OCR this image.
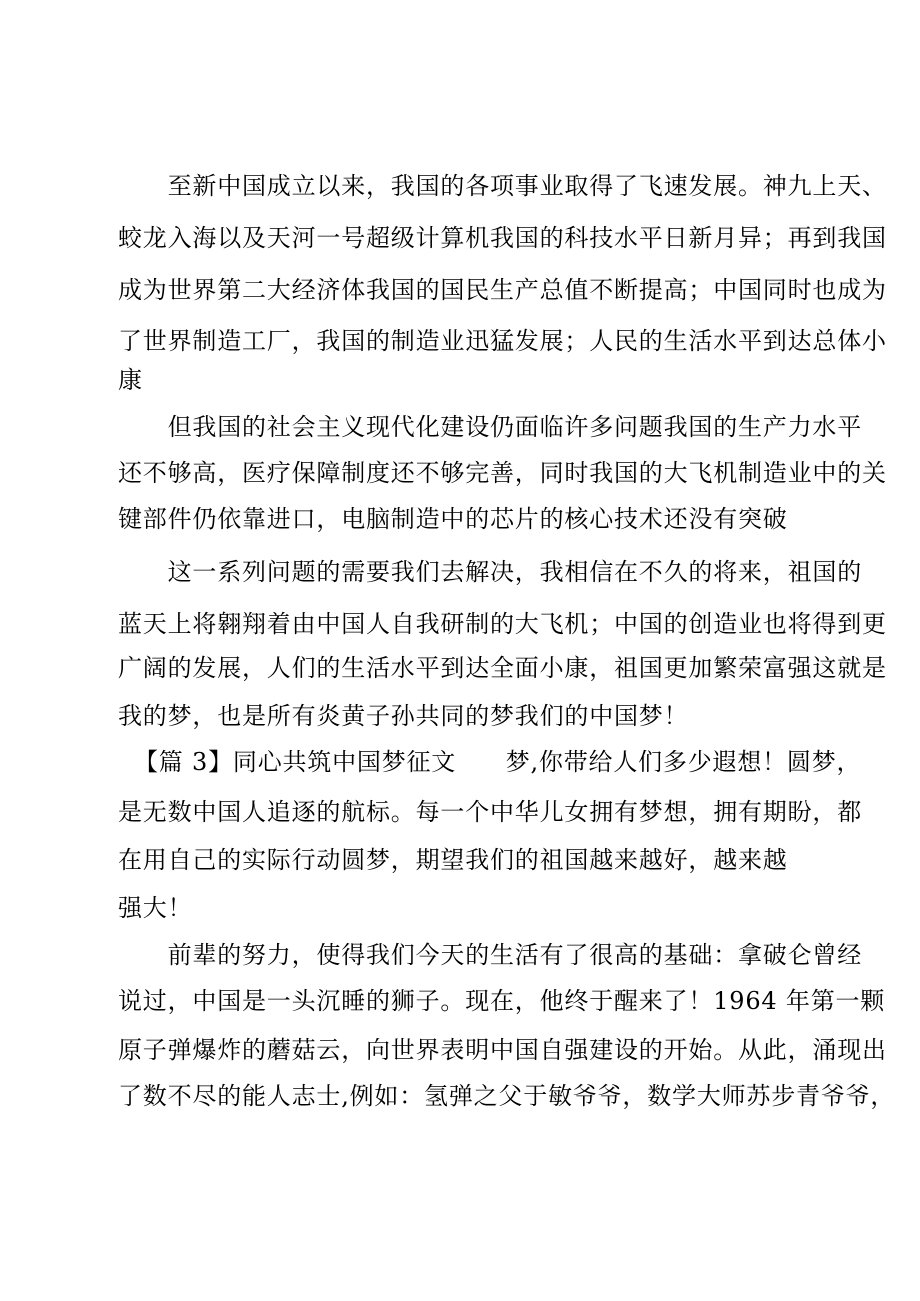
　　至新中国成立以来，我国的各项事业取得了飞速发展。神九上天、
蛟龙入海以及天河一号超级计算机我国的科技水平日新月异；再到我国
成为世界第二大经济体我国的国民生产总值不断提高；中国同时也成为
了世界制造工厂，我国的制造业迅猛发展；人民的生活水平到达总体小
康
　　但我国的社会主义现代化建设仍面临许多问题我国的生产力水平
还不够高，医疗保障制度还不够完善，同时我国的大飞机制造业中的关
键部件仍依靠进口，电脑制造中的芯片的核心技术还没有突破
　　这一系列问题的需要我们去解决，我相信在不久的将来，祖国的
蓝天上将翱翔着由中国人自我研制的大飞机；中国的创造业也将得到更
广阔的发展，人们的生活水平到达全面小康，祖国更加繁荣富强这就是
我的梦，也是所有炎黄子孙共同的梦我们的中国梦！
【篇 3】同心共筑中国梦征文　　梦,你带给人们多少遐想！圆梦，
是无数中国人追逐的航标。每一个中华儿女拥有梦想，拥有期盼，都
在用自己的实际行动圆梦，期望我们的祖国越来越好，越来越
强大！
　　前辈的努力，使得我们今天的生活有了很高的基础：拿破仑曾经
说过，中国是一头沉睡的狮子。现在，他终于醒来了！1964 年第一颗
原子弹爆炸的蘑菇云，向世界表明中国自强建设的开始。从此，涌现出
了数不尽的能人志士,例如：氢弹之父于敏爷爷，数学大师苏步青爷爷，
